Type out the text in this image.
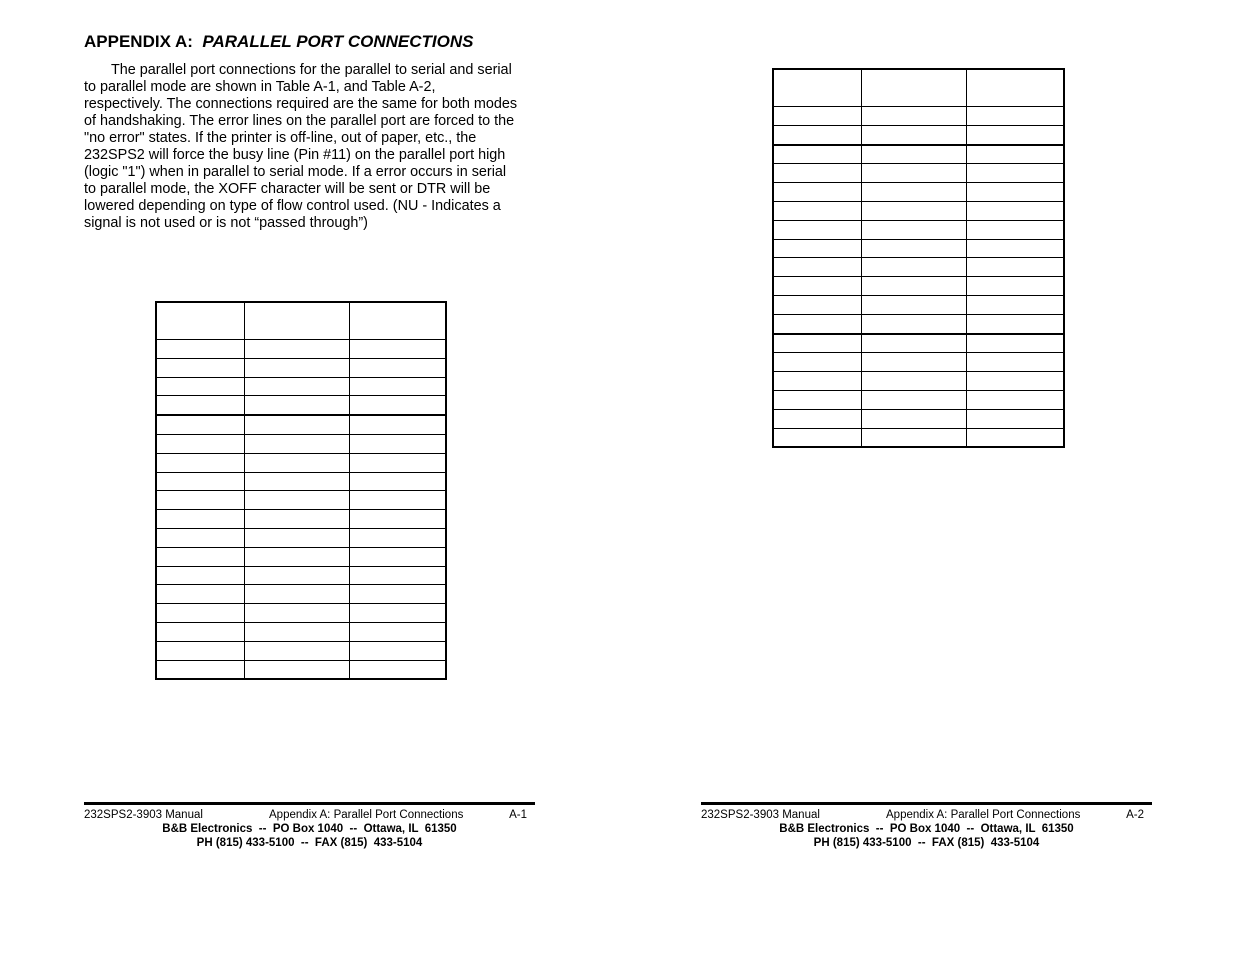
APPENDIX A: PARALLEL PORT CONNECTIONS

The parallel port connections for the parallel to serial and serial
to parallel mode are shown in Table A-1, and Table A-2,
respectively. The connections required are the same for both modes
of handshaking. The error lines on the parallel port are forced to the
"no error" states. If the printer is off-line, out of paper, etc., the
232SPS2 will force the busy line (Pin #11) on the parallel port high
(logic "1") when in parallel to serial mode. If a error occurs in serial
to parallel mode, the XOFF character will be sent or DTR will be
lowered depending on type of flow control used. (NU - Indicates a
signal is not used or is not “passed through”)

232SPS2-3903 Manual	Appendix A: Parallel Port Connections	A-1
B&B Electronics  --  PO Box 1040  --  Ottawa, IL  61350
PH (815) 433-5100  --  FAX (815)  433-5104
232SPS2-3903 Manual	Appendix A: Parallel Port Connections	A-2
B&B Electronics  --  PO Box 1040  --  Ottawa, IL  61350
PH (815) 433-5100  --  FAX (815)  433-5104
